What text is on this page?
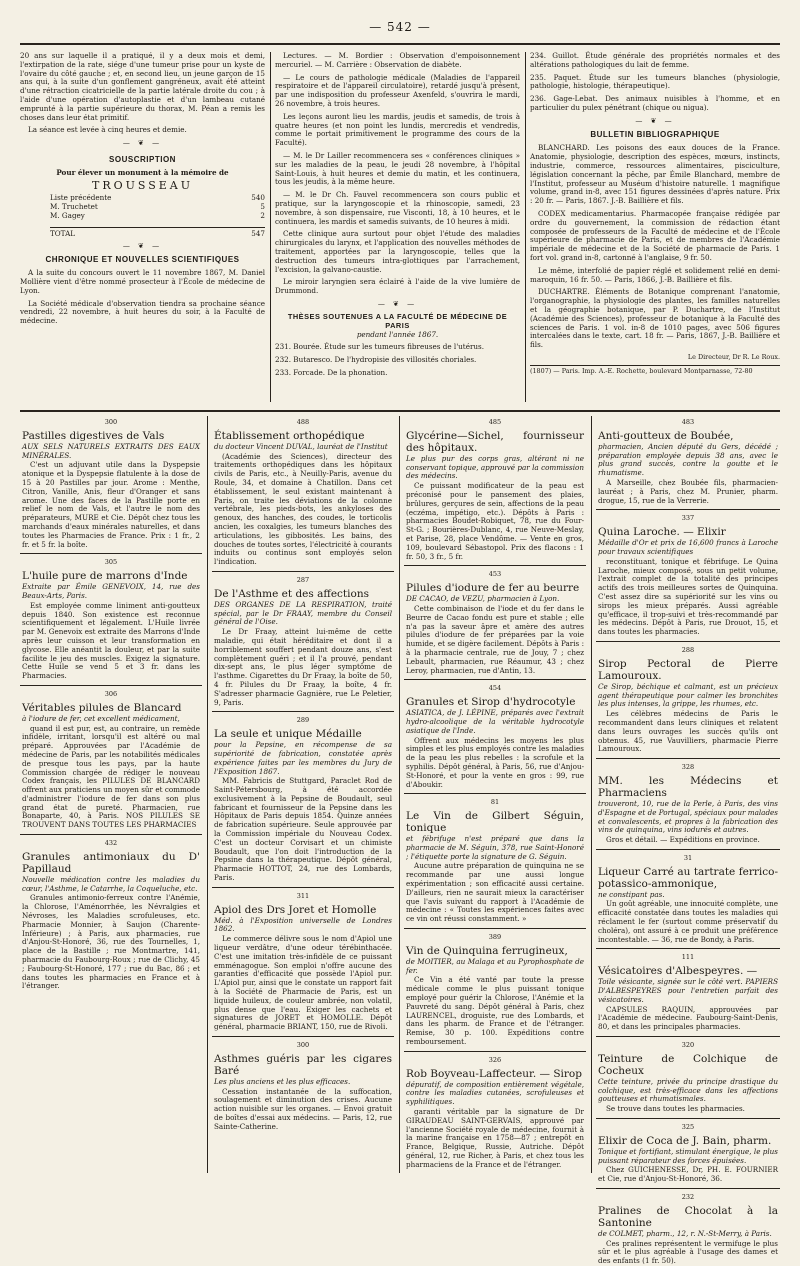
— 542 —

20 ans sur laquelle il a pratiqué, il y a deux mois et demi, l'extirpation de la rate, siége d'une tumeur prise pour un kyste de l'ovaire du côté gauche ; et, en second lieu, un jeune garçon de 15 ans qui, à la suite d'un gonflement gangréneux, avait été atteint d'une rétraction cicatricielle de la partie latérale droite du cou ; à l'aide d'une opération d'autoplastie et d'un lambeau cutané emprunté à la partie supérieure du thorax, M. Péan a remis les choses dans leur état primitif.

La séance est levée à cinq heures et demie.

— ❦ —
SOUSCRIPTION
Pour élever un monument à la mémoire de
TROUSSEAU
Liste précédente	540
M. Truchetet	5
M. Gagey	2
TOTAL	547
— ❦ —
CHRONIQUE ET NOUVELLES SCIENTIFIQUES

A la suite du concours ouvert le 11 novembre 1867, M. Daniel Mollière vient d'être nommé prosecteur à l'École de médecine de Lyon.

La Société médicale d'observation tiendra sa prochaine séance vendredi, 22 novembre, à huit heures du soir, à la Faculté de médecine.

Lectures. — M. Bordier : Observation d'empoisonnement mercuriel. — M. Carrière : Observation de diabète.

— Le cours de pathologie médicale (Maladies de l'appareil respiratoire et de l'appareil circulatoire), retardé jusqu'à présent, par une indisposition du professeur Axenfeld, s'ouvrira le mardi, 26 novembre, à trois heures.

Les leçons auront lieu les mardis, jeudis et samedis, de trois à quatre heures (et non point les lundis, mercredis et vendredis, comme le portait primitivement le programme des cours de la Faculté).

— M. le Dr Lailler recommencera ses « conférences cliniques » sur les maladies de la peau, le jeudi 28 novembre, à l'hôpital Saint-Louis, à huit heures et demie du matin, et les continuera, tous les jeudis, à la même heure.

— M. le Dr Ch. Fauvel recommencera son cours public et pratique, sur la laryngoscopie et la rhinoscopie, samedi, 23 novembre, à son dispensaire, rue Visconti, 18, à 10 heures, et le continuera, les mardis et samedis suivants, de 10 heures à midi.

Cette clinique aura surtout pour objet l'étude des maladies chirurgicales du larynx, et l'application des nouvelles méthodes de traitement, apportées par la laryngoscopie, telles que la destruction des tumeurs intra-glottiques par l'arrachement, l'excision, la galvano-caustie.

Le miroir laryngien sera éclairé à l'aide de la vive lumière de Drummond.

— ❦ —
THÈSES SOUTENUES A LA FACULTÉ DE MÉDECINE DE PARIS
pendant l'année 1867.

231. Bourée. Étude sur les tumeurs fibreuses de l'utérus.

232. Butaresco. De l'hydropisie des villosités choriales.

233. Forcade. De la phonation.

234. Guillot. Étude générale des propriétés normales et des altérations pathologiques du lait de femme.

235. Paquet. Étude sur les tumeurs blanches (physiologie, pathologie, histologie, thérapeutique).

236. Gage-Lebat. Des animaux nuisibles à l'homme, et en particulier du pulex pénétrant (chique ou nigua).

— ❦ —
BULLETIN BIBLIOGRAPHIQUE

BLANCHARD. Les poisons des eaux douces de la France. Anatomie, physiologie, description des espèces, mœurs, instincts, industrie, commerce, ressources alimentaires, pisciculture, législation concernant la pêche, par Émile Blanchard, membre de l'Institut, professeur au Muséum d'histoire naturelle. 1 magnifique volume, grand in-8, avec 151 figures dessinées d'après nature. Prix : 20 fr. — Paris, 1867. J.-B. Baillière et fils.

CODEX medicamentarius. Pharmacopée française rédigée par ordre du gouvernement, la commission de rédaction étant composée de professeurs de la Faculté de médecine et de l'École supérieure de pharmacie de Paris, et de membres de l'Académie impériale de médecine et de la Société de pharmacie de Paris. 1 fort vol. grand in-8, cartonné à l'anglaise, 9 fr. 50.

Le même, interfolié de papier réglé et solidement relié en demi-maroquin, 16 fr. 50. — Paris, 1866, J.-B. Baillière et fils.

DUCHARTRE. Éléments de Botanique comprenant l'anatomie, l'organographie, la physiologie des plantes, les familles naturelles et la géographie botanique, par P. Duchartre, de l'Institut (Académie des Sciences), professeur de botanique à la Faculté des sciences de Paris. 1 vol. in-8 de 1010 pages, avec 506 figures intercalées dans le texte, cart. 18 fr. — Paris, 1867, J.-B. Baillière et fils.

Le Directeur, Dr R. Le Roux.
(1807) — Paris. Imp. A.-E. Rochette, boulevard Montparnasse, 72-80
300
Pastilles digestives de Vals

AUX SELS NATURELS EXTRAITS DES EAUX MINÉRALES.

C'est un adjuvant utile dans la Dyspepsie atonique et la Dyspepsie flatulente à la dose de 15 à 20 Pastilles par jour. Arome : Menthe, Citron, Vanille, Anis, fleur d'Oranger et sans arome. Une des faces de la Pastille porte en relief le nom de Vals, et l'autre le nom des préparateurs, MURE et Cie. Dépôt chez tous les marchands d'eaux minérales naturelles, et dans toutes les Pharmacies de France. Prix : 1 fr., 2 fr. et 5 fr. la boîte.

305
L'huile pure de marrons d'Inde

Extraite par Émile GENEVOIX, 14, rue des Beaux-Arts, Paris.

Est employée comme liniment anti-goutteux depuis 1840. Son existence est reconnue scientifiquement et légalement. L'Huile livrée par M. Genevoix est extraite des Marrons d'Inde après leur cuisson et leur transformation en glycose. Elle anéantit la douleur, et par la suite facilite le jeu des muscles. Exigez la signature. Cette Huile se vend 5 et 3 fr. dans les Pharmacies.

306
Véritables pilules de Blancard

à l'iodure de fer, cet excellent médicament,

quand il est pur, est, au contraire, un remède infidèle, irritant, lorsqu'il est altéré ou mal préparé. Approuvées par l'Académie de médecine de Paris, par les notabilités médicales de presque tous les pays, par la haute Commission chargée de rédiger le nouveau Codex français, les PILULES DE BLANCARD offrent aux praticiens un moyen sûr et commode d'administrer l'iodure de fer dans son plus grand état de pureté. Pharmacien, rue Bonaparte, 40, à Paris. NOS PILULES SE TROUVENT DANS TOUTES LES PHARMACIES

432
Granules antimoniaux du D' Papillaud

Nouvelle médication contre les maladies du cœur, l'Asthme, le Catarrhe, la Coqueluche, etc.

Granules antimonio-ferreux contre l'Anémie, la Chlorose, l'Aménorrhée, les Névralgies et Névroses, les Maladies scrofuleuses, etc. Pharmacie Monnier, à Saujon (Charente-Inférieure) ; à Paris, aux pharmacies, rue d'Anjou-St-Honoré, 36, rue des Tournelles, 1, place de la Bastille ; rue Montmartre, 141, pharmacie du Faubourg-Roux ; rue de Clichy, 45 ; Faubourg-St-Honoré, 177 ; rue du Bac, 86 ; et dans toutes les pharmacies en France et à l'étranger.

488
Établissement orthopédique

du docteur Vincent DUVAL, lauréat de l'Institut

(Académie des Sciences), directeur des traitements orthopédiques dans les hôpitaux civils de Paris, etc., à Neuilly-Paris, avenue du Roule, 34, et domaine à Chatillon. Dans cet établissement, le seul existant maintenant à Paris, on traite les déviations de la colonne vertébrale, les pieds-bots, les ankyloses des genoux, des hanches, des coudes, le torticolis ancien, les coxalgies, les tumeurs blanches des articulations, les gibbosités. Les bains, des douches de toutes sortes, l'électricité à courants induits ou continus sont employés selon l'indication.

287
De l'Asthme et des affections

DES ORGANES DE LA RESPIRATION, traité spécial, par le Dr FRAAY, membre du Conseil général de l'Oise.

Le Dr Fraay, atteint lui-même de cette maladie, qui était héréditaire et dont il a horriblement souffert pendant douze ans, s'est complètement guéri ; et il l'a prouvé, pendant dix-sept ans, le plus léger symptôme de l'asthme. Cigarettes du Dr Fraay, la boîte de 50, 4 fr. Pilules du Dr Fraay, la boîte, 4 fr. S'adresser pharmacie Gagnière, rue Le Peletier, 9, Paris.

289
La seule et unique Médaille

pour la Pepsine, en récompense de sa supériorité de fabrication, constatée après expérience faites par les membres du Jury de l'Exposition 1867.

MM. Fabricis de Stuttgard, Paraclet Rod de Saint-Pétersbourg, à été accordée exclusivement à la Pepsine de Boudault, seul fabricant et fournisseur de la Pepsine dans les Hôpitaux de Paris depuis 1854. Quinze années de fabrication supérieure. Seule approuvée par la Commission impériale du Nouveau Codex. C'est un docteur Corvisart et un chimiste Boudault, que l'on doit l'introduction de la Pepsine dans la thérapeutique. Dépôt général, Pharmacie HOTTOT, 24, rue des Lombards, Paris.

311
Apiol des Drs Joret et Homolle

Méd. à l'Exposition universelle de Londres 1862.

Le commerce délivre sous le nom d'Apiol une liqueur verdâtre, d'une odeur térébinthacée. C'est une imitation très-infidèle de ce puissant emménagogue. Son emploi n'offre aucune des garanties d'efficacité que possède l'Apiol pur. L'Apiol pur, ainsi que le constate un rapport fait à la Société de Pharmacie de Paris, est un liquide huileux, de couleur ambrée, non volatil, plus dense que l'eau. Exiger les cachets et signatures de JORET et HOMOLLE. Dépôt général, pharmacie BRIANT, 150, rue de Rivoli.

300
Asthmes guéris par les cigares Baré

Les plus anciens et les plus efficaces.

Cessation instantanée de la suffocation, soulagement et diminution des crises. Aucune action nuisible sur les organes. — Envoi gratuit de boîtes d'essai aux médecins. — Paris, 12, rue Sainte-Catherine.

485
Glycérine—Sichel, fournisseur des hôpitaux.

Le plus pur des corps gras, altérant ni ne conservant topique, approuvé par la commission des médecins.

Ce puissant modificateur de la peau est préconisé pour le pansement des plaies, brûlures, gerçures de sein, affections de la peau (eczéma, impétigo, etc.). Dépôts à Paris : pharmacies Boudet-Robiquet, 78, rue du Four-St-G. ; Bourières-Dublanc, 4, rue Neuve-Meslay, et Parise, 28, place Vendôme. — Vente en gros, 109, boulevard Sébastopol. Prix des flacons : 1 fr. 50, 3 fr., 5 fr.

453
Pilules d'iodure de fer au beurre

DE CACAO, de VEZU, pharmacien à Lyon.

Cette combinaison de l'iode et du fer dans le Beurre de Cacao fondu est pure et stable ; elle n'a pas la saveur âpre et amère des autres pilules d'iodure de fer préparées par la voie humide, et se digère facilement. Dépôts à Paris : à la pharmacie centrale, rue de Jouy, 7 ; chez Lebault, pharmacien, rue Réaumur, 43 ; chez Leroy, pharmacien, rue d'Antin, 13.

454
Granules et Sirop d'hydrocotyle

ASIATICA, de J. LÉPINE, préparés avec l'extrait hydro-alcoolique de la véritable hydrocotyle asiatique de l'Inde.

Offrent aux médecins les moyens les plus simples et les plus employés contre les maladies de la peau les plus rebelles : la scrofule et la syphilis. Dépôt général, à Paris, 56, rue d'Anjou-St-Honoré, et pour la vente en gros : 99, rue d'Aboukir.

81
Le Vin de Gilbert Séguin, tonique

et fébrifuge n'est préparé que dans la pharmacie de M. Séguin, 378, rue Saint-Honoré ; l'étiquette porte la signature de G. Séguin.

Aucune autre préparation de quinquina ne se recommande par une aussi longue expérimentation ; son efficacité aussi certaine. D'ailleurs, rien ne saurait mieux la caractériser que l'avis suivant du rapport à l'Académie de médecine : « Toutes les expériences faites avec ce vin ont réussi constamment. »

389
Vin de Quinquina ferrugineux,

de MOITIER, au Malaga et au Pyrophosphate de fer.

Ce Vin a été vanté par toute la presse médicale comme le plus puissant tonique employé pour guérir la Chlorose, l'Anémie et la Pauvreté du sang. Dépôt général à Paris, chez LAURENCEL, droguiste, rue des Lombards, et dans les pharm. de France et de l'étranger. Remise, 30 p. 100. Expéditions contre remboursement.

326
Rob Boyveau-Laffecteur. — Sirop

dépuratif, de composition entièrement végétale, contre les maladies cutanées, scrofuleuses et syphilitiques.

garanti véritable par la signature de Dr GIRAUDEAU SAINT-GERVAIS, approuvé par l'ancienne Société royale de médecine, fournit à la marine française en 1758—87 ; entrepôt en France, Belgique, Russie, Autriche. Dépôt général, 12, rue Richer, à Paris, et chez tous les pharmaciens de la France et de l'étranger.

483
Anti-goutteux de Boubée,

pharmacien, Ancien député du Gers, décédé ; préparation employée depuis 38 ans, avec le plus grand succès, contre la goutte et le rhumatisme.

A Marseille, chez Boubée fils, pharmacien-lauréat ; à Paris, chez M. Prunier, pharm. drogue, 15, rue de la Verrerie.

337
Quina Laroche. — Elixir

Médaille d'Or et prix de 16,600 francs à Laroche pour travaux scientifiques

reconstituant, tonique et fébrifuge. Le Quina Laroche, mieux composé, sous un petit volume, l'extrait complet de la totalité des principes actifs des trois meilleures sortes de Quinquina. C'est assez dire sa supériorité sur les vins ou sirops les mieux préparés. Aussi agréable qu'efficace, il trop-suivi et très-recommandé par les médecins. Dépôt à Paris, rue Drouot, 15, et dans toutes les pharmacies.

288
Sirop Pectoral de Pierre Lamouroux.

Ce Sirop, béchique et calmant, est un précieux agent thérapeutique pour calmer les bronchites les plus intenses, la grippe, les rhumes, etc.

Les célèbres médecins de Paris le recommandent dans leurs cliniques et relatent dans leurs ouvrages les succès qu'ils ont obtenus. 45, rue Vauvilliers, pharmacie Pierre Lamouroux.

328
MM. les Médecins et Pharmaciens

trouveront, 10, rue de la Perle, à Paris, des vins d'Espagne et de Portugal, spéciaux pour malades et convalescents, et propres à la fabrication des vins de quinquina, vins iodurés et autres.

Gros et détail. — Expéditions en province.

31
Liqueur Carré au tartrate ferrico-potassico-ammonique,

ne constipant pas.

Un goût agréable, une innocuité complète, une efficacité constatée dans toutes les maladies qui réclament le fer (surtout comme préservatif du choléra), ont assuré à ce produit une préférence incontestable. — 36, rue de Bondy, à Paris.

111
Vésicatoires d'Albespeyres. —

Toile vésicante, signée sur le côté vert. PAPIERS D'ALBESPEYRES pour l'entretien parfait des vésicatoires.

CAPSULES RAQUIN, approuvées par l'Académie de médecine. Faubourg-Saint-Denis, 80, et dans les principales pharmacies.

320
Teinture de Colchique de Cocheux

Cette teinture, privée du principe drastique du colchique, est très-efficace dans les affections goutteuses et rhumatismales.

Se trouve dans toutes les pharmacies.

325
Elixir de Coca de J. Bain, pharm.

Tonique et fortifiant, stimulant énergique, le plus puissant réparateur des forces épuisées.

Chez GUICHENESSE, Dr, PH. E. FOURNIER et Cie, rue d'Anjou-St-Honoré, 36.

232
Pralines de Chocolat à la Santonine

de COLMET, pharm., 12, r. N.-St-Merry, à Paris.

Ces pralines représentent le vermifuge le plus sûr et le plus agréable à l'usage des dames et des enfants (1 fr. 50).
